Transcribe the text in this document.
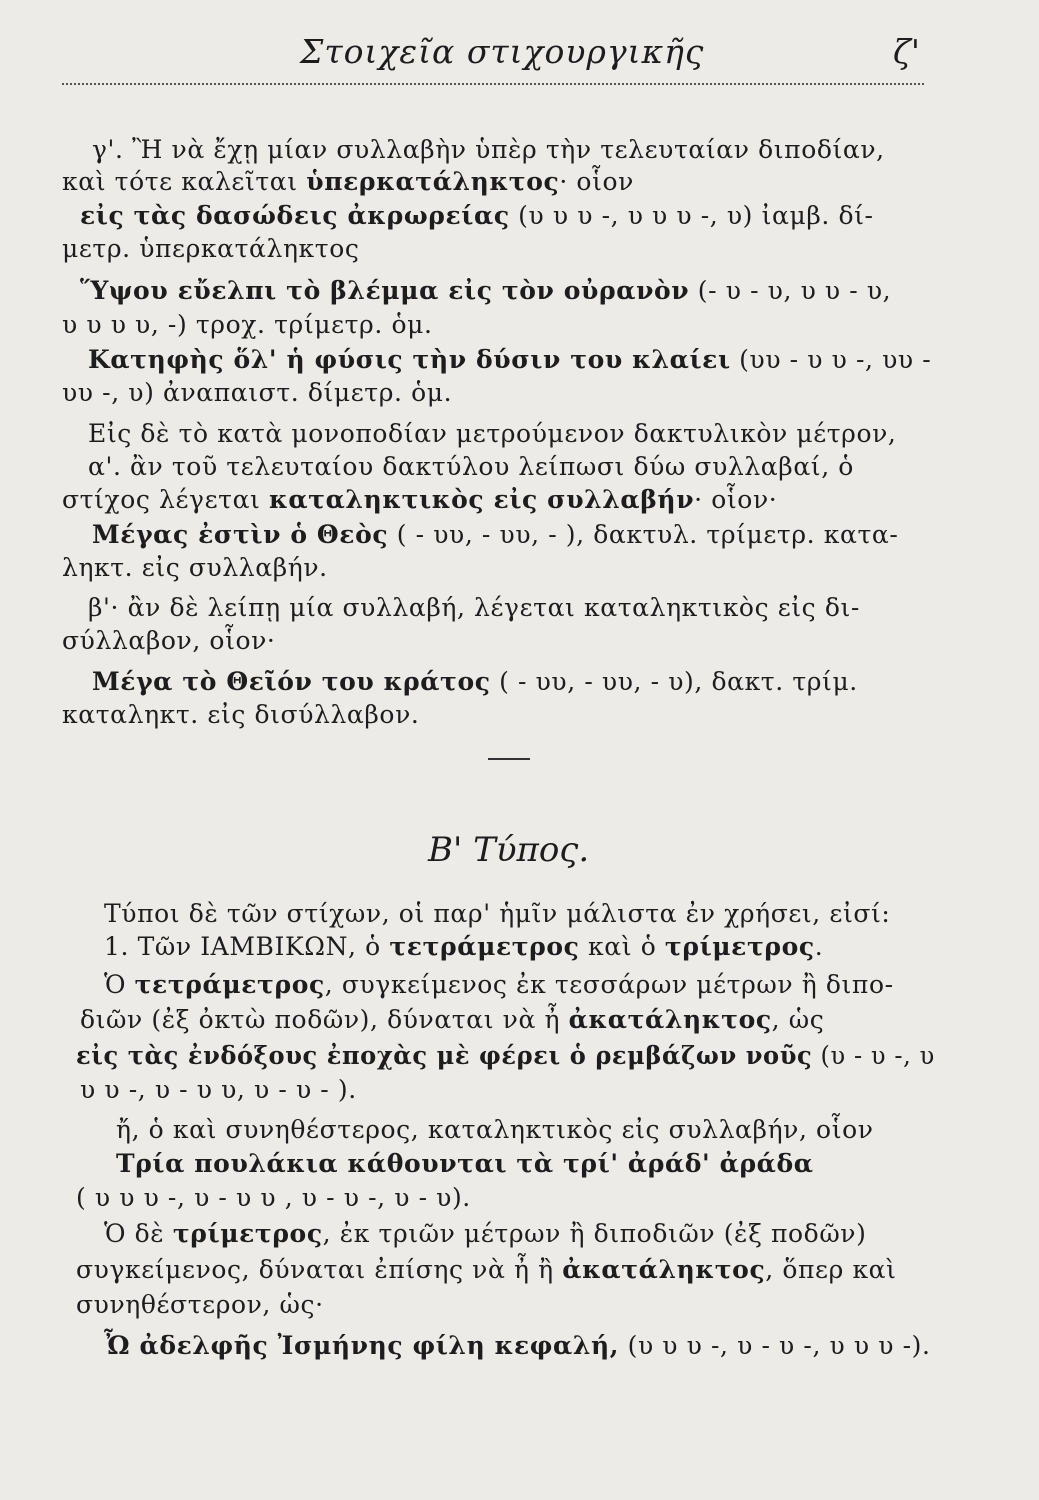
Στοιχεῖα στιχουργικῆς	ζ'
γ'. Ἢ νὰ ἔχῃ μίαν συλλαβὴν ὑπὲρ τὴν τελευταίαν διποδίαν,
καὶ τότε καλεῖται ὑπερκατάληκτος· οἷον
εἰς τὰς δασώδεις ἀκρωρείας (υ υ υ -, υ υ υ -, υ) ἰαμβ. δί-
μετρ. ὑπερκατάληκτος
Ὕψου εὔελπι τὸ βλέμμα εἰς τὸν οὐρανὸν (- υ - υ, υ υ - υ,
υ υ υ υ, -) τροχ. τρίμετρ. ὁμ.
Κατηφὴς ὅλ' ἡ φύσις τὴν δύσιν του κλαίει (υυ - υ υ -, υυ -
υυ -, υ) ἀναπαιστ. δίμετρ. ὁμ.
Εἰς δὲ τὸ κατὰ μονοποδίαν μετρούμενον δακτυλικὸν μέτρον,
α'. ἂν τοῦ τελευταίου δακτύλου λείπωσι δύω συλλαβαί, ὁ
στίχος λέγεται καταληκτικὸς εἰς συλλαβήν· οἷον·
Μέγας ἐστὶν ὁ Θεὸς ( - υυ, - υυ, - ), δακτυλ. τρίμετρ. κατα-
ληκτ. εἰς συλλαβήν.
β'· ἂν δὲ λείπῃ μία συλλαβή, λέγεται καταληκτικὸς εἰς δι-
σύλλαβον, οἷον·
Μέγα τὸ Θεῖόν του κράτος ( - υυ, - υυ, - υ), δακτ. τρίμ.
καταληκτ. εἰς δισύλλαβον.
Β' Τύπος.
Τύποι δὲ τῶν στίχων, οἱ παρ' ἡμῖν μάλιστα ἐν χρήσει, εἰσί:
1. Τῶν ΙΑΜΒΙΚΩΝ, ὁ τετράμετρος καὶ ὁ τρίμετρος.
Ὁ τετράμετρος, συγκείμενος ἐκ τεσσάρων μέτρων ἢ διπο-
διῶν (ἐξ ὀκτὼ ποδῶν), δύναται νὰ ἦ ἀκατάληκτος, ὡς
εἰς τὰς ἐνδόξους ἐποχὰς μὲ φέρει ὁ ρεμβάζων νοῦς (υ - υ -, υ
υ υ -, υ - υ υ, υ - υ - ).
ἤ, ὁ καὶ συνηθέστερος, καταληκτικὸς εἰς συλλαβήν, οἷον
Τρία πουλάκια κάθουνται τὰ τρί' ἀράδ' ἀράδα
( υ υ υ -, υ - υ υ , υ - υ -, υ - υ).
Ὁ δὲ τρίμετρος, ἐκ τριῶν μέτρων ἢ διποδιῶν (ἐξ ποδῶν)
συγκείμενος, δύναται ἐπίσης νὰ ἦ ἢ ἀκατάληκτος, ὅπερ καὶ
συνηθέστερον, ὡς·
Ὦ ἀδελφῆς Ἰσμήνης φίλη κεφαλή, (υ υ υ -, υ - υ -, υ υ υ -).
